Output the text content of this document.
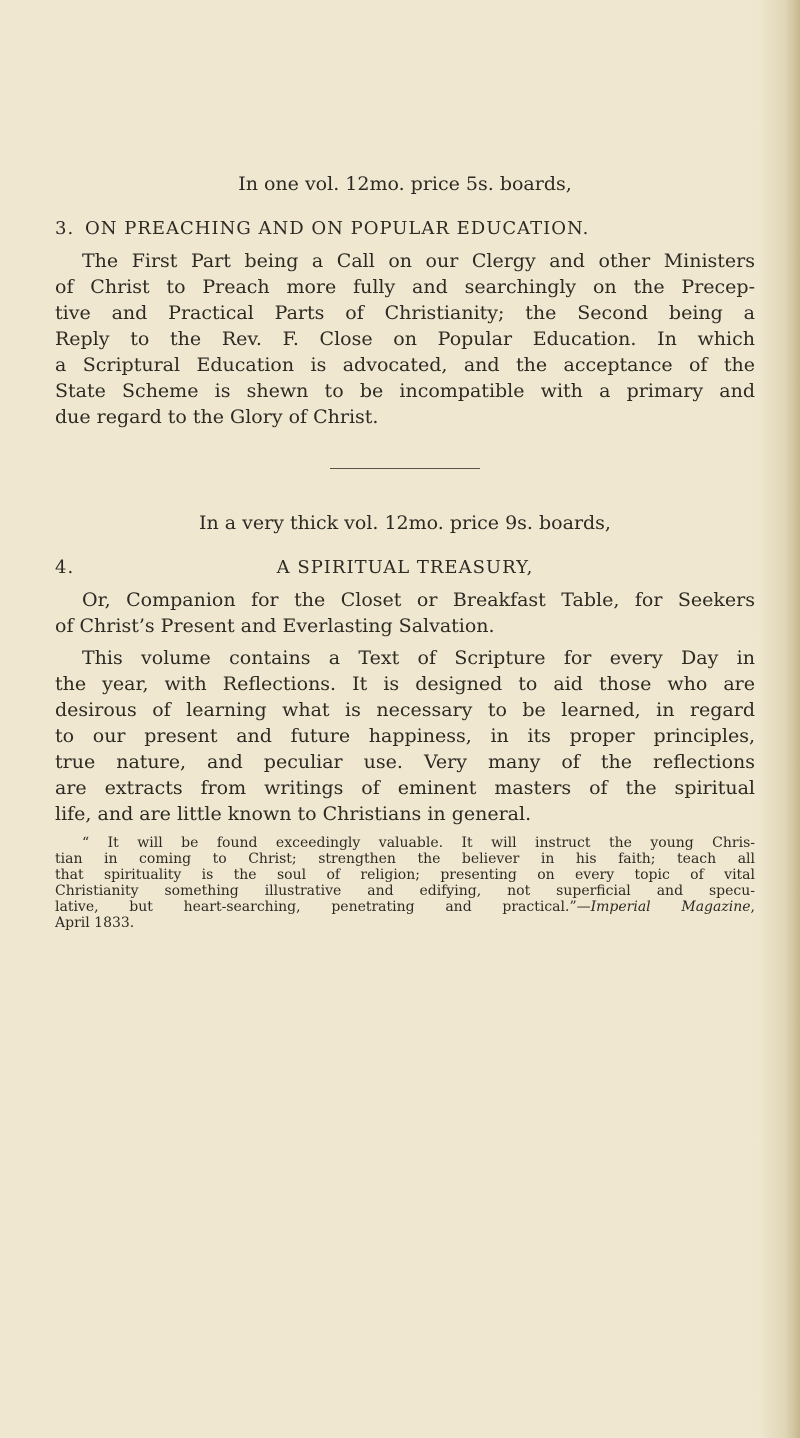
In one vol. 12mo. price 5s. boards,

3. ON PREACHING AND ON POPULAR EDUCATION.

The First Part being a Call on our Clergy and other Ministers

of Christ to Preach more fully and searchingly on the Precep-

tive and Practical Parts of Christianity; the Second being a

Reply to the Rev. F. Close on Popular Education. In which

a Scriptural Education is advocated, and the acceptance of the

State Scheme is shewn to be incompatible with a primary and

due regard to the Glory of Christ.

In a very thick vol. 12mo. price 9s. boards,

4.	A SPIRITUAL TREASURY,

Or, Companion for the Closet or Breakfast Table, for Seekers

of Christ’s Present and Everlasting Salvation.

This volume contains a Text of Scripture for every Day in

the year, with Reflections. It is designed to aid those who are

desirous of learning what is necessary to be learned, in regard

to our present and future happiness, in its proper principles,

true nature, and peculiar use. Very many of the reflections

are extracts from writings of eminent masters of the spiritual

life, and are little known to Christians in general.

“ It will be found exceedingly valuable. It will instruct the young Chris-

tian in coming to Christ; strengthen the believer in his faith; teach all

that spirituality is the soul of religion; presenting on every topic of vital

Christianity something illustrative and edifying, not superficial and specu-

lative, but heart-searching, penetrating and practical.”—Imperial Magazine,

April 1833.
